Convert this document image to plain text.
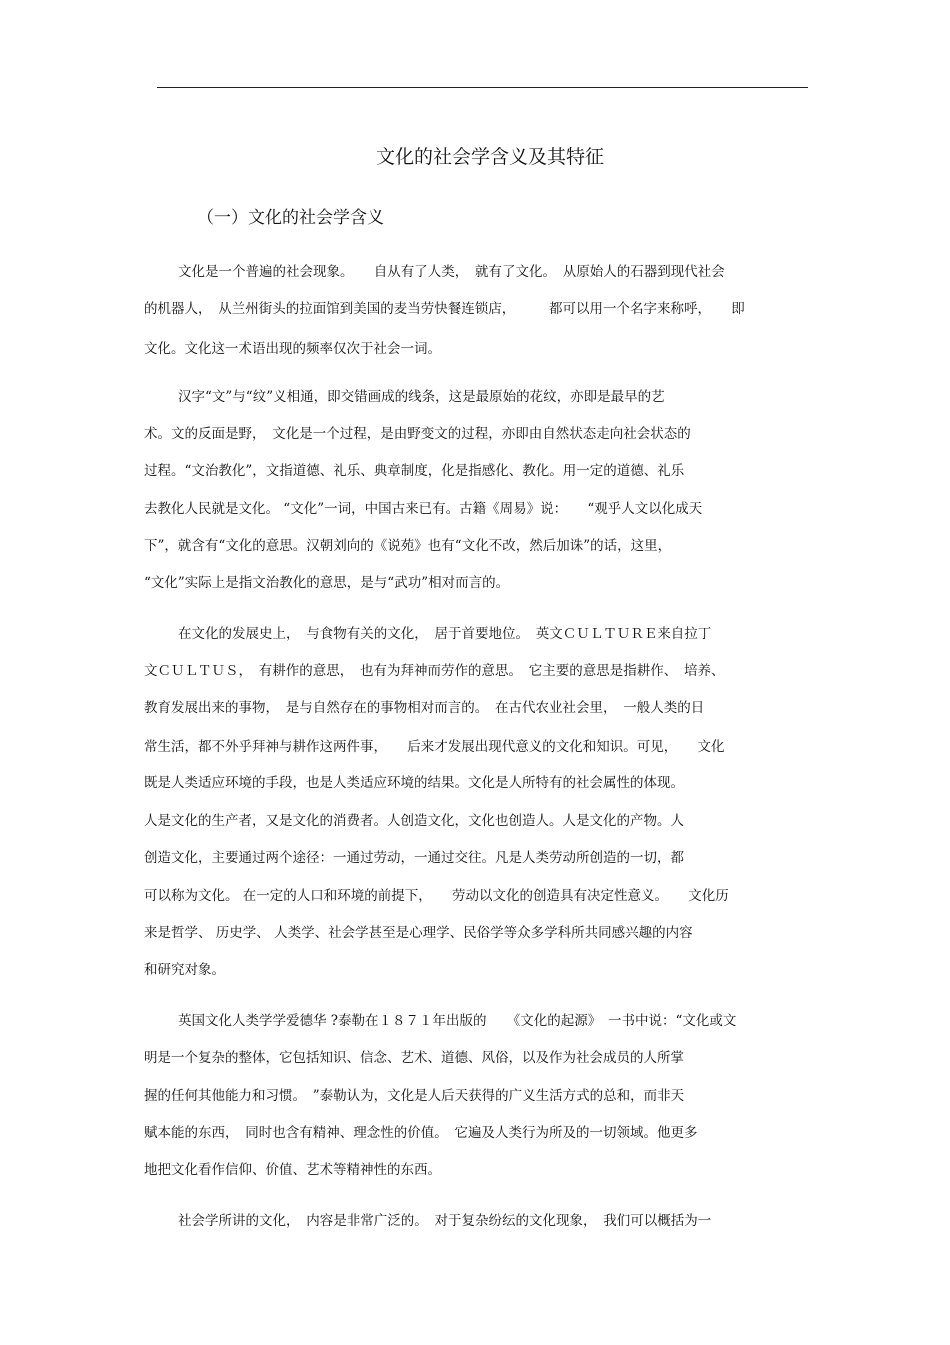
文化的社会学含义及其特征
（一）文化的社会学含义
文化是一个普遍的社会现象。　　自从有了人类，　就有了文化。　从原始人的石器到现代社会
的机器人，　从兰州街头的拉面馆到美国的麦当劳快餐连锁店，　　　都可以用一个名字来称呼，　　即
文化。文化这一术语出现的频率仅次于社会一词。
汉字“文”与“纹”义相通，即交错画成的线条，这是最原始的花纹，亦即是最早的艺
术。文的反面是野，　文化是一个过程，是由野变文的过程，亦即由自然状态走向社会状态的
过程。“文治教化”，文指道德、礼乐、典章制度，化是指感化、教化。用一定的道德、礼乐
去教化人民就是文化。 “文化”一词，中国古来已有。古籍《周易》说：　　“观乎人文以化成天
下”，就含有“文化的意思。汉朝刘向的《说苑》也有“文化不改，然后加诛”的话，这里，
“文化”实际上是指文治教化的意思，是与“武功”相对而言的。
在文化的发展史上，　与食物有关的文化，　居于首要地位。　英文ＣＵＬＴＵＲＥ来自拉丁
文ＣＵＬＴＵＳ，　有耕作的意思，　也有为拜神而劳作的意思。　它主要的意思是指耕作、　培养、
教育发展出来的事物，　是与自然存在的事物相对而言的。　在古代农业社会里，　一般人类的日
常生活，都不外乎拜神与耕作这两件事，　　后来才发展出现代意义的文化和知识。可见，　　文化
既是人类适应环境的手段，也是人类适应环境的结果。文化是人所特有的社会属性的体现。
人是文化的生产者，又是文化的消费者。人创造文化，文化也创造人。人是文化的产物。人
创造文化，主要通过两个途径：一通过劳动，一通过交往。凡是人类劳动所创造的一切，都
可以称为文化。 在一定的人口和环境的前提下，　　劳动以文化的创造具有决定性意义。　　文化历
来是哲学、 历史学、 人类学、社会学甚至是心理学、民俗学等众多学科所共同感兴趣的内容
和研究对象。
英国文化人类学学爱德华 ?泰勒在１８７１年出版的　　《文化的起源》　一书中说：“文化或文
明是一个复杂的整体，它包括知识、信念、艺术、道德、风俗，以及作为社会成员的人所掌
握的任何其他能力和习惯。　”泰勒认为，文化是人后天获得的广义生活方式的总和，而非天
赋本能的东西，　同时也含有精神、理念性的价值。　它遍及人类行为所及的一切领域。他更多
地把文化看作信仰、价值、艺术等精神性的东西。
社会学所讲的文化，　内容是非常广泛的。　对于复杂纷纭的文化现象，　我们可以概括为一
